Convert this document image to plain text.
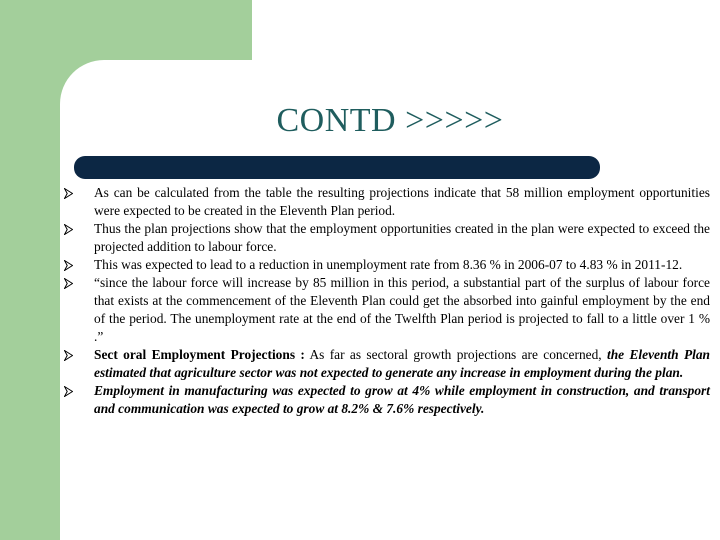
CONTD >>>>>
As can be calculated from the table the resulting projections indicate that 58 million employment opportunities were expected to be created in the Eleventh Plan period.
Thus the plan projections show that the employment opportunities created in the plan were expected to exceed the projected addition to labour force.
This was expected to lead to a reduction in unemployment rate from 8.36 % in 2006-07 to 4.83 % in 2011-12.
“since the labour force will increase by 85 million in this period, a substantial part of the surplus of labour force that exists at the commencement of the Eleventh Plan could get the absorbed into gainful employment by the end of the period. The unemployment rate at the end of the Twelfth Plan period is projected to fall to a little over 1 % .”
Sect oral Employment Projections : As far as sectoral growth projections are concerned, the Eleventh Plan estimated that agriculture sector was not expected to generate any increase in employment during the plan.
Employment in manufacturing was expected to grow at 4% while employment in construction, and transport and communication was expected to grow at 8.2% & 7.6% respectively.
